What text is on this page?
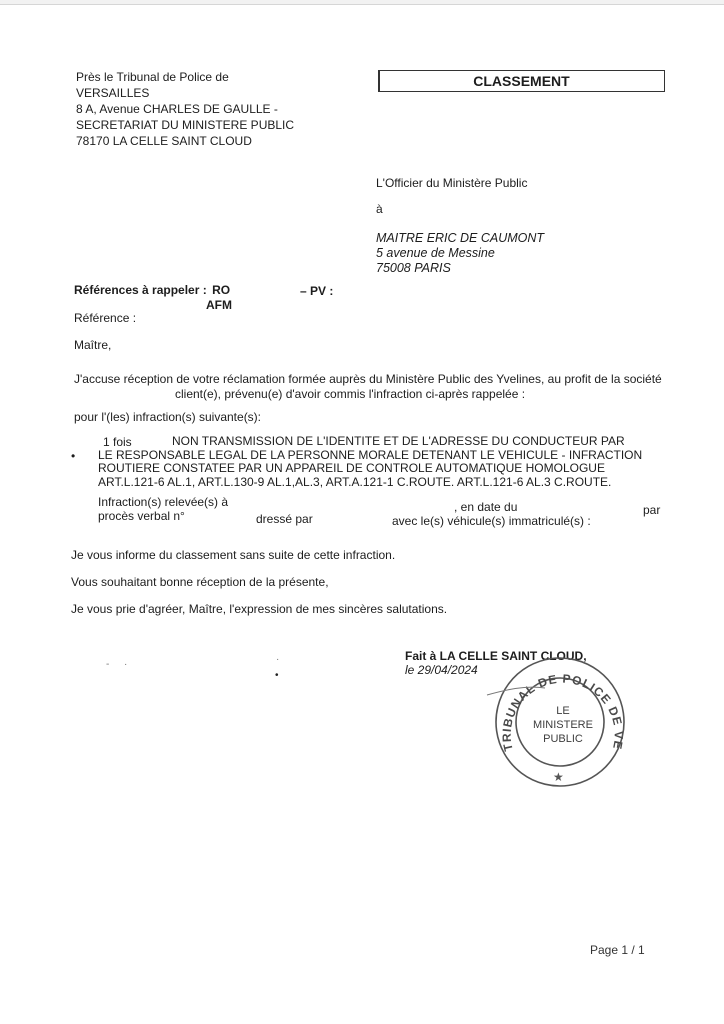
Près le Tribunal de Police de
VERSAILLES
8 A, Avenue CHARLES DE GAULLE -
SECRETARIAT DU MINISTERE PUBLIC
78170 LA CELLE SAINT CLOUD
CLASSEMENT
L'Officier du Ministère Public
à
MAITRE ERIC DE CAUMONT
5 avenue de Messine
75008 PARIS
Références à rappeler : RO	– PV :
AFM
Référence :
Maître,
J'accuse réception de votre réclamation formée auprès du Ministère Public des Yvelines, au profit de la société
client(e), prévenu(e) d'avoir commis l'infraction ci-après rappelée :
pour l'(les) infraction(s) suivante(s):
•
1 fois	NON TRANSMISSION DE L'IDENTITE ET DE L'ADRESSE DU CONDUCTEUR PAR
LE RESPONSABLE LEGAL DE LA PERSONNE MORALE DETENANT LE VEHICULE - INFRACTION
ROUTIERE CONSTATEE PAR UN APPAREIL DE CONTROLE AUTOMATIQUE HOMOLOGUE
ART.L.121-6 AL.1, ART.L.130-9 AL.1,AL.3, ART.A.121-1 C.ROUTE. ART.L.121-6 AL.3 C.ROUTE.
Infraction(s) relevée(s) à	, en date du	par
procès verbal n°	dressé par	avec le(s) véhicule(s) immatriculé(s) :
Je vous informe du classement sans suite de cette infraction.
Vous souhaitant bonne réception de la présente,
Je vous prie d'agréer, Maître, l'expression de mes sincères salutations.
Fait à LA CELLE SAINT CLOUD,
le 29/04/2024
TRIBUNAL DE POLICE DE VE
LE
MINISTERE
PUBLIC
★
- ·	·
•
Page 1 / 1
